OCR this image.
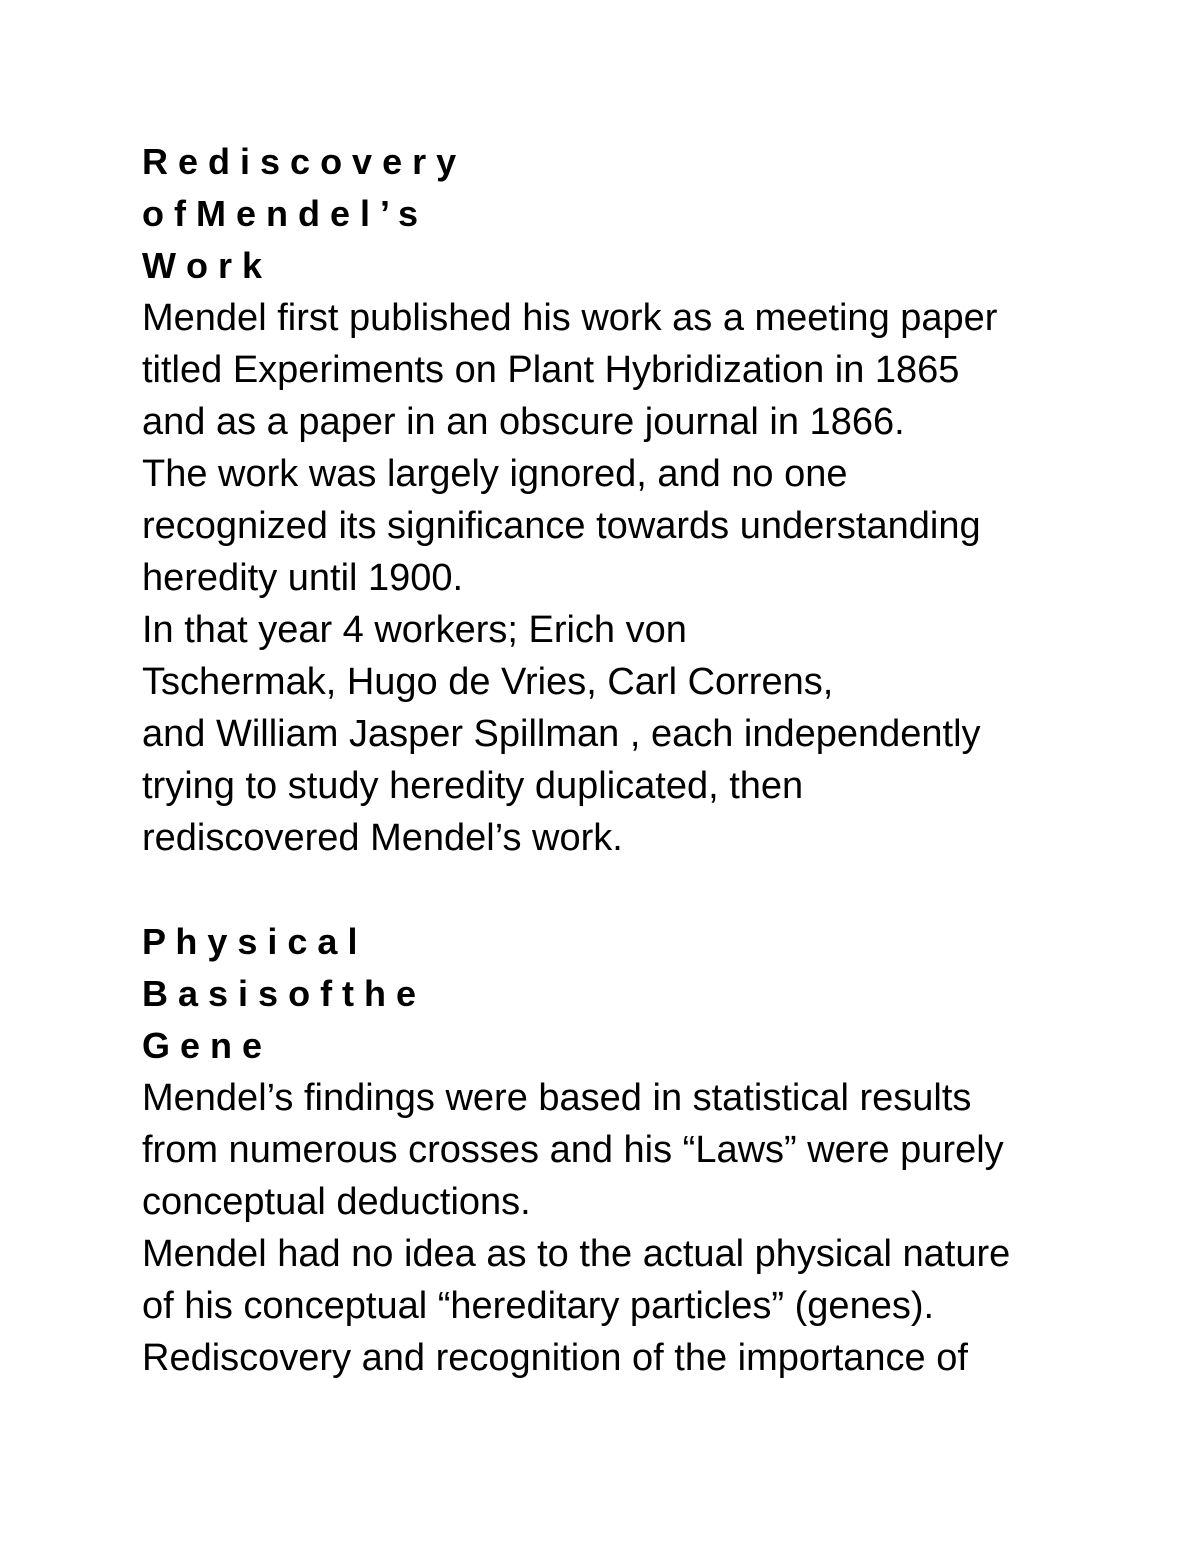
R e d i s c o v e r y
o f M e n d e l ’ s
W o r k
Mendel first published his work as a meeting paper
titled Experiments on Plant Hybridization in 1865
and as a paper in an obscure journal in 1866.
The work was largely ignored, and no one
recognized its significance towards understanding
heredity until 1900.
In that year 4 workers; Erich von
Tschermak, Hugo de Vries, Carl Correns,
and William Jasper Spillman , each independently
trying to study heredity duplicated, then
rediscovered Mendel’s work.
P h y s i c a l
B a s i s o f t h e
G e n e
Mendel’s findings were based in statistical results
from numerous crosses and his “Laws” were purely
conceptual deductions.
Mendel had no idea as to the actual physical nature
of his conceptual “hereditary particles” (genes).
Rediscovery and recognition of the importance of
